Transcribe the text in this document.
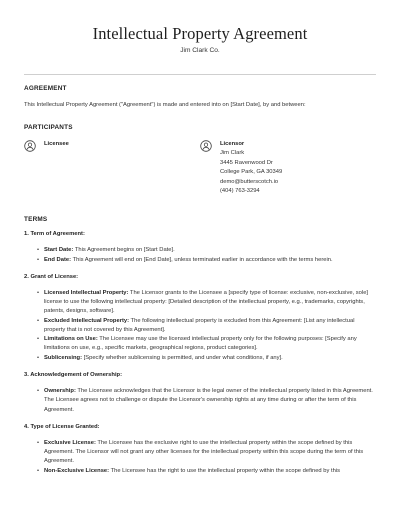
Intellectual Property Agreement
Jim Clark Co.
AGREEMENT

This Intellectual Property Agreement ("Agreement") is made and entered into on [Start Date], by and between:

PARTICIPANTS
Licensee	Licensor
Jim Clark
3445 Ravenwood Dr
College Park, GA 30349
demo@butterscotch.io
(404) 763-3294
TERMS
1. Term of Agreement:
• Start Date: This Agreement begins on [Start Date].
• End Date: This Agreement will end on [End Date], unless terminated earlier in accordance with the terms herein.
2. Grant of License:
• Licensed Intellectual Property: The Licensor grants to the Licensee a [specify type of license: exclusive, non-exclusive, sole] license to use the following intellectual property: [Detailed description of the intellectual property, e.g., trademarks, copyrights, patents, designs, software].
• Excluded Intellectual Property: The following intellectual property is excluded from this Agreement: [List any intellectual property that is not covered by this Agreement].
• Limitations on Use: The Licensee may use the licensed intellectual property only for the following purposes: [Specify any limitations on use, e.g., specific markets, geographical regions, product categories].
• Sublicensing: [Specify whether sublicensing is permitted, and under what conditions, if any].
3. Acknowledgement of Ownership:
• Ownership: The Licensee acknowledges that the Licensor is the legal owner of the intellectual property listed in this Agreement. The Licensee agrees not to challenge or dispute the Licensor's ownership rights at any time during or after the term of this Agreement.
4. Type of License Granted:
• Exclusive License: The Licensee has the exclusive right to use the intellectual property within the scope defined by this Agreement. The Licensor will not grant any other licenses for the intellectual property within this scope during the term of this Agreement.
• Non-Exclusive License: The Licensee has the right to use the intellectual property within the scope defined by this
